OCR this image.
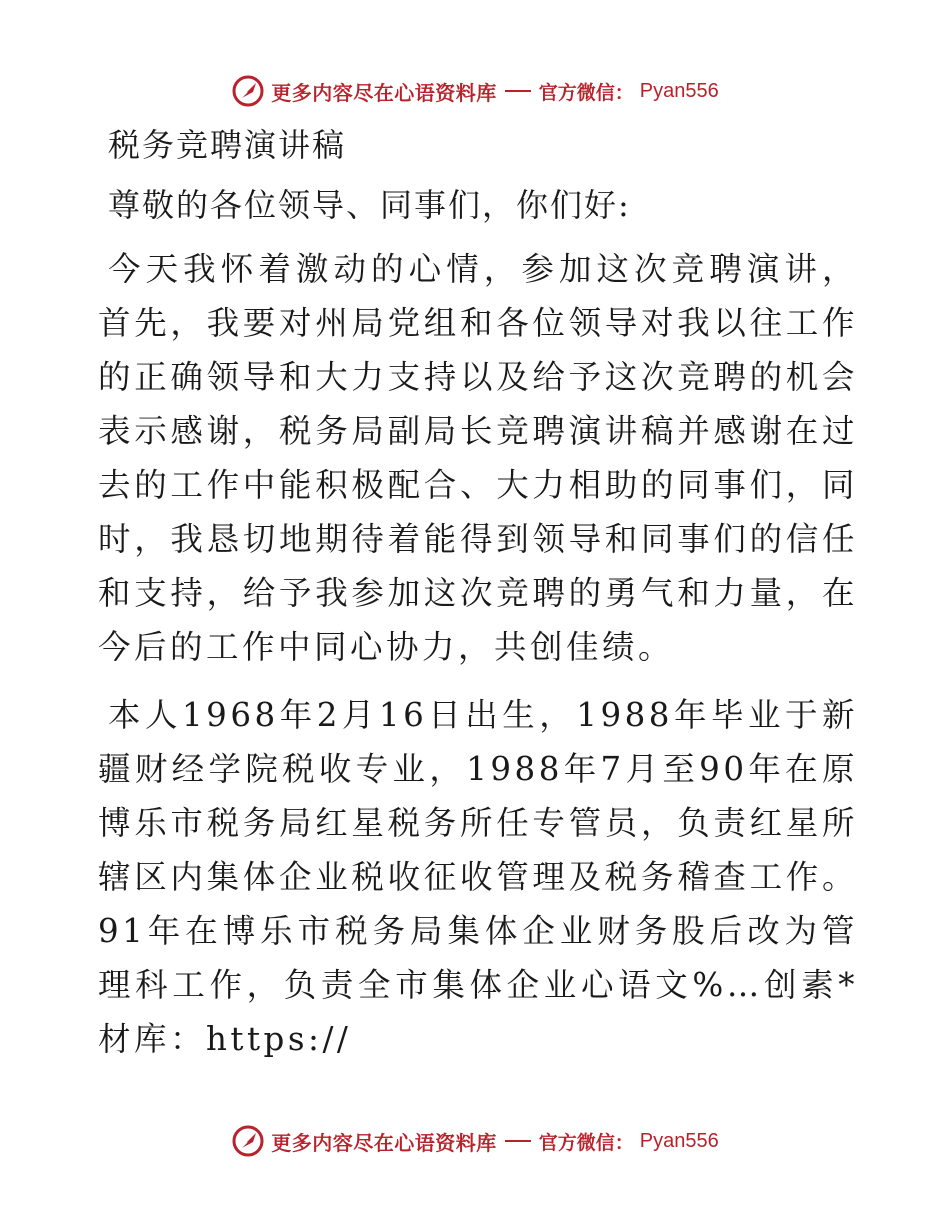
更多内容尽在心语资料库 官方微信： Pyan556
税务竞聘演讲稿
尊敬的各位领导、同事们，你们好:

今天我怀着激动的心情，参加这次竞聘演讲，首先，我要对州局党组和各位领导对我以往工作的正确领导和大力支持以及给予这次竞聘的机会表示感谢，税务局副局长竞聘演讲稿并感谢在过去的工作中能积极配合、大力相助的同事们，同时，我恳切地期待着能得到领导和同事们的信任和支持，给予我参加这次竞聘的勇气和力量，在今后的工作中同心协力，共创佳绩。

本人1968年2月16日出生，1988年毕业于新疆财经学院税收专业，1988年7月至90年在原博乐市税务局红星税务所任专管员，负责红星所辖区内集体企业税收征收管理及税务稽查工作。91年在博乐市税务局集体企业财务股后改为管理科工作，负责全市集体企业心语文%…创素*材库：https://

更多内容尽在心语资料库 官方微信： Pyan556
